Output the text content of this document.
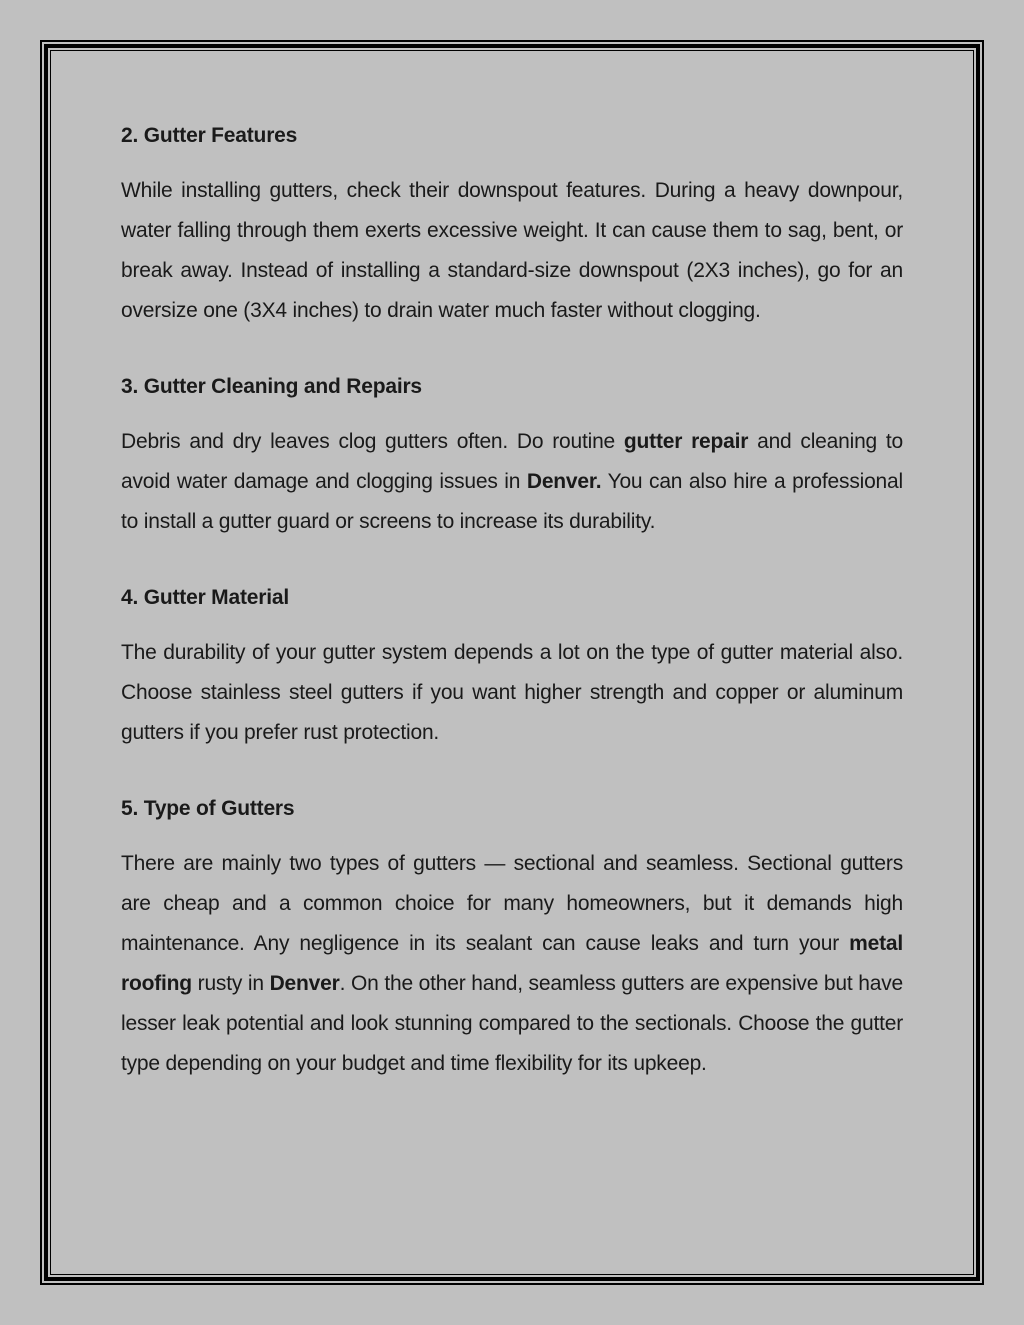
2. Gutter Features

While installing gutters, check their downspout features. During a heavy downpour, water falling through them exerts excessive weight. It can cause them to sag, bent, or break away. Instead of installing a standard-size downspout (2X3 inches), go for an oversize one (3X4 inches) to drain water much faster without clogging.

3. Gutter Cleaning and Repairs

Debris and dry leaves clog gutters often. Do routine gutter repair and cleaning to avoid water damage and clogging issues in Denver. You can also hire a professional to install a gutter guard or screens to increase its durability.

4. Gutter Material

The durability of your gutter system depends a lot on the type of gutter material also. Choose stainless steel gutters if you want higher strength and copper or aluminum gutters if you prefer rust protection.

5. Type of Gutters

There are mainly two types of gutters — sectional and seamless. Sectional gutters are cheap and a common choice for many homeowners, but it demands high maintenance. Any negligence in its sealant can cause leaks and turn your metal roofing rusty in Denver. On the other hand, seamless gutters are expensive but have lesser leak potential and look stunning compared to the sectionals. Choose the gutter type depending on your budget and time flexibility for its upkeep.
